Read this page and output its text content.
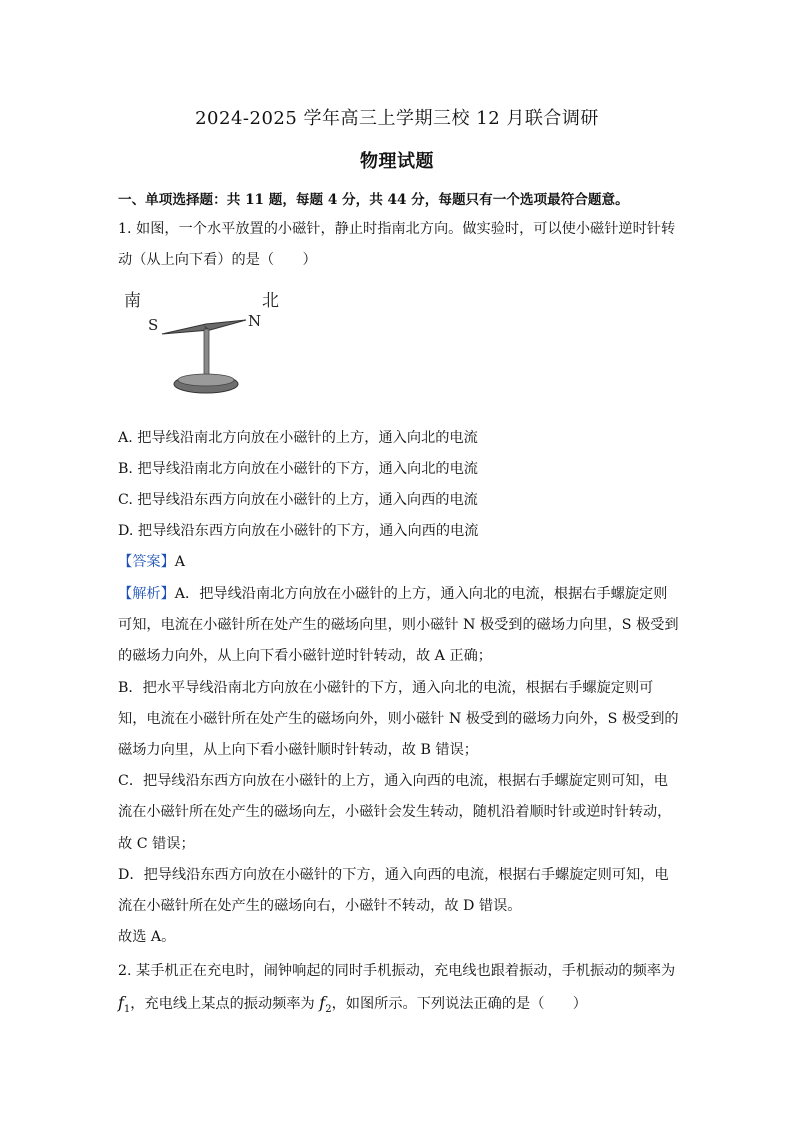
2024-2025 学年高三上学期三校 12 月联合调研
物理试题
一、单项选择题：共 11 题，每题 4 分，共 44 分，每题只有一个选项最符合题意。
1. 如图，一个水平放置的小磁针，静止时指南北方向。做实验时，可以使小磁针逆时针转
动（从上向下看）的是（　　）
南	北
S	N
A. 把导线沿南北方向放在小磁针的上方，通入向北的电流
B. 把导线沿南北方向放在小磁针的下方，通入向北的电流
C. 把导线沿东西方向放在小磁针的上方，通入向西的电流
D. 把导线沿东西方向放在小磁针的下方，通入向西的电流
【答案】A
【解析】A．把导线沿南北方向放在小磁针的上方，通入向北的电流，根据右手螺旋定则
可知，电流在小磁针所在处产生的磁场向里，则小磁针 N 极受到的磁场力向里，S 极受到
的磁场力向外，从上向下看小磁针逆时针转动，故 A 正确；
B．把水平导线沿南北方向放在小磁针的下方，通入向北的电流，根据右手螺旋定则可
知，电流在小磁针所在处产生的磁场向外，则小磁针 N 极受到的磁场力向外，S 极受到的
磁场力向里，从上向下看小磁针顺时针转动，故 B 错误；
C．把导线沿东西方向放在小磁针的上方，通入向西的电流，根据右手螺旋定则可知，电
流在小磁针所在处产生的磁场向左，小磁针会发生转动，随机沿着顺时针或逆时针转动，
故 C 错误；
D．把导线沿东西方向放在小磁针的下方，通入向西的电流，根据右手螺旋定则可知，电
流在小磁针所在处产生的磁场向右，小磁针不转动，故 D 错误。
故选 A。
2. 某手机正在充电时，闹钟响起的同时手机振动，充电线也跟着振动，手机振动的频率为
$f_1$，充电线上某点的振动频率为 $f_2$，如图所示。下列说法正确的是（　　）
